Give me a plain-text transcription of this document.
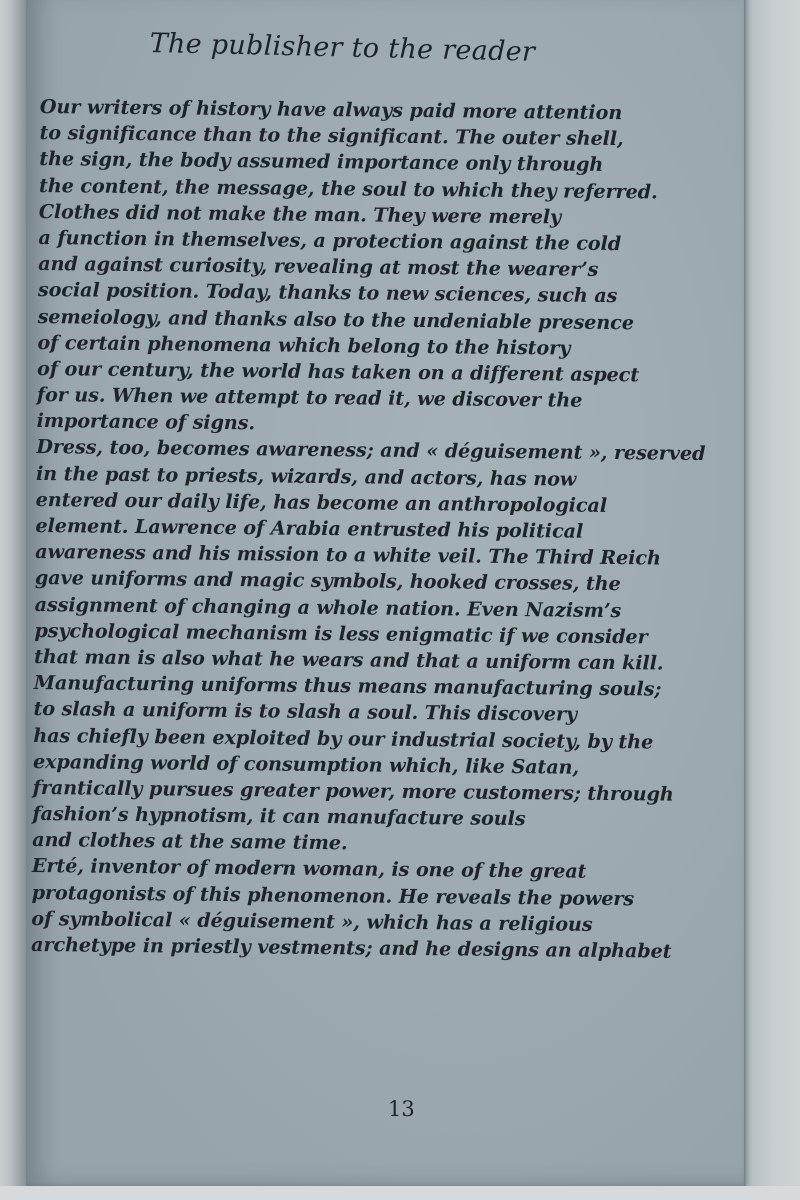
The publisher to the reader
Our writers of history have always paid more attention
to significance than to the significant. The outer shell,
the sign, the body assumed importance only through
the content, the message, the soul to which they referred.
Clothes did not make the man. They were merely
a function in themselves, a protection against the cold
and against curiosity, revealing at most the wearer’s
social position. Today, thanks to new sciences, such as
semeiology, and thanks also to the undeniable presence
of certain phenomena which belong to the history
of our century, the world has taken on a different aspect
for us. When we attempt to read it, we discover the
importance of signs.
Dress, too, becomes awareness; and « déguisement », reserved
in the past to priests, wizards, and actors, has now
entered our daily life, has become an anthropological
element. Lawrence of Arabia entrusted his political
awareness and his mission to a white veil. The Third Reich
gave uniforms and magic symbols, hooked crosses, the
assignment of changing a whole nation. Even Nazism’s
psychological mechanism is less enigmatic if we consider
that man is also what he wears and that a uniform can kill.
Manufacturing uniforms thus means manufacturing souls;
to slash a uniform is to slash a soul. This discovery
has chiefly been exploited by our industrial society, by the
expanding world of consumption which, like Satan,
frantically pursues greater power, more customers; through
fashion’s hypnotism, it can manufacture souls
and clothes at the same time.
Erté, inventor of modern woman, is one of the great
protagonists of this phenomenon. He reveals the powers
of symbolical « déguisement », which has a religious
archetype in priestly vestments; and he designs an alphabet
13
